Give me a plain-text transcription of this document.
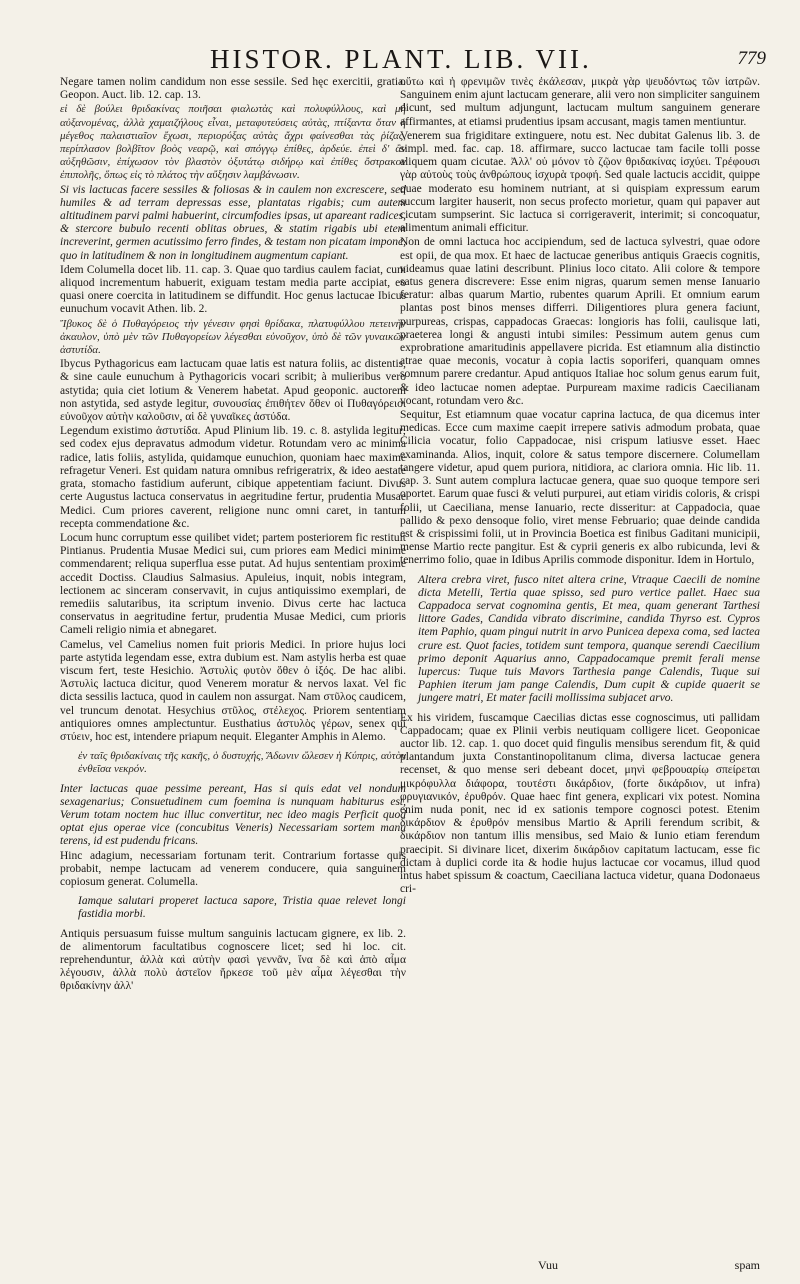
HISTOR. PLANT. LIB. VII.	779

Negare tamen nolim candidum non esse sessile. Sed hęc exercitii, gratia. Geopon. Auct. lib. 12. cap. 13.

εἰ δὲ βούλει θριδακίνας ποιῆσαι φιαλωτὰς καὶ πολυφύλλους, καὶ μὴ αὐξανομένας, ἀλλὰ χαμαιζήλους εἶναι, μεταφυτεύσεις αὐτὰς, πτίξαντα ὅταν ἡ μέγεθος παλαιστιαῖον ἔχωσι, περιορύξας αὐτὰς ἄχρι φαίνεσθαι τὰς ῥίζας, περίπλασον βολβῖτον βοὸς νεαρῷ, καὶ σπόγγῳ ἐπίθες, ἀρδεύε. ἐπεὶ δ' ἂν αὐξηθῶσιν, ἐπίχωσον τὸν βλαστὸν ὀξυτάτῳ σιδήρῳ καὶ ἐπίθες ὄστρακον ἐπιπολῆς, ὅπως εἰς τὸ πλάτος τὴν αὔξησιν λαμβάνωσιν.

Si vis lactucas facere sessiles & foliosas & in caulem non excrescere, sed humiles & ad terram depressas esse, plantatas rigabis; cum autem altitudinem parvi palmi habuerint, circumfodies ipsas, ut apareant radices, & stercore bubulo recenti oblitas obrues, & statim rigabis ubi etem increverint, germen acutissimo ferro findes, & testam non picatam impone, quo in latitudinem & non in longitudinem augmentum capiant.

Idem Columella docet lib. 11. cap. 3. Quae quo tardius caulem faciat, cum aliquod incrementum habuerit, exiguam testam media parte accipiat, eo quasi onere coercita in latitudinem se diffundit. Hoc genus lactucae Ibicus eunuchum vocavit Athen. lib. 2.

Ἴβυκος δὲ ὁ Πυθαγόρειος τὴν γένεσιν φησὶ θρίδακα, πλατυφύλλου πετεινὴν ἀκαυλον, ὑπὸ μὲν τῶν Πυθαγορείων λέγεσθαι εὐνοῦχον, ὑπὸ δὲ τῶν γυναικῶν ἀστυτίδα.

Ibycus Pythagoricus eam lactucam quae latis est natura foliis, ac distentis, & sine caule eunuchum à Pythagoricis vocari scribit; à mulieribus vero astytida; quia ciet lotium & Venerem habetat. Apud geoponic. auctorem non astytida, sed astyde legitur, συνουσίας ἐπιθήτεν ὅθεν οἱ Πυθαγόρειοι εὐνοῦχον αὐτὴν καλοῦσιν, αἱ δὲ γυναῖκες ἀστύδα.

Legendum existimo ἀστυτίδα. Apud Plinium lib. 19. c. 8. astylida legitur; sed codex ejus depravatus admodum videtur. Rotundam vero ac minima radice, latis foliis, astylida, quidamque eunuchion, quoniam haec maxime refragetur Veneri. Est quidam natura omnibus refrigeratrix, & ideo aestate grata, stomacho fastidium auferunt, cibique appetentiam faciunt. Divus certe Augustus lactuca conservatus in aegritudine fertur, prudentia Musae Medici. Cum priores caverent, religione nunc omni caret, in tantum recepta commendatione &c.

Locum hunc corruptum esse quilibet videt; partem posteriorem fic restituit Pintianus. Prudentia Musae Medici sui, cum priores eam Medici minime commendarent; reliqua superflua esse putat. Ad hujus sententiam proxime accedit Doctiss. Claudius Salmasius. Apuleius, inquit, nobis integram, lectionem ac sinceram conservavit, in cujus antiquissimo exemplari, de remediis salutaribus, ita scriptum invenio. Divus certe hac lactuca conservatus in aegritudine fertur, prudentia Musae Medici, cum prioris Cameli religio nimia et abnegaret.

Camelus, vel Camelius nomen fuit prioris Medici. In priore hujus loci parte astytida legendam esse, extra dubium est. Nam astylis herba est quae viscum fert, teste Hesichio. Ἀστυλὶς φυτὸν ὅθεν ὁ ἰξός. De hac alibi. Ἀστυλὶς lactuca dicitur, quod Venerem moratur & nervos laxat. Vel fic dicta sessilis lactuca, quod in caulem non assurgat. Nam στῦλος caudicem, vel truncum denotat. Hesychius στῦλος, στέλεχος. Priorem sententiam antiquiores omnes amplectuntur. Eusthatius ἀστυλὸς γέρων, senex qui στύειν, hoc est, intendere priapum nequit. Eleganter Amphis in Alemo.

ἐν ταῖς θριδακίναις τῆς κακῆς, ὁ δυστυχής, Ἄδωνιν ὤλεσεν ἡ Κύπρις, αὐτὸν ἐνθεῖσα νεκρόν.

Inter lactucas quae pessime pereant, Has si quis edat vel nondum sexagenarius; Consuetudinem cum foemina is nunquam habiturus est, Verum totam noctem huc illuc convertitur, nec ideo magis Perficit quod optat ejus operae vice (concubitus Veneris) Necessariam sortem manu terens, id est pudendu fricans.

Hinc adagium, necessariam fortunam terit. Contrarium fortasse quis probabit, nempe lactucam ad venerem conducere, quia sanguinem copiosum generat. Columella.

Iamque salutari properet lactuca sapore, Tristia quae relevet longi fastidia morbi.

Antiquis persuasum fuisse multum sanguinis lactucam gignere, ex lib. 2. de alimentorum facultatibus cognoscere licet; sed hi loc. cit. reprehenduntur, ἀλλὰ καὶ αὐτὴν φασὶ γεννᾶν, ἵνα δὲ καὶ ἀπὸ αἷμα λέγουσιν, ἀλλὰ πολὺ ἀστεῖον ἤρκεσε τοῦ μὲν αἷμα λέγεσθαι τὴν θριδακίνην ἀλλ'

οὕτω καὶ ἡ φρενιμῶν τινὲς ἐκάλεσαν, μικρὰ γὰρ ψευδόντως τῶν ἰατρῶν. Sanguinem enim ajunt lactucam generare, alii vero non simpliciter sanguinem dicunt, sed multum adjungunt, lactucam multum sanguinem generare affirmantes, at etiamsi prudentius ipsam accusant, magis tamen mentiuntur.

Venerem sua frigiditare extinguere, notu est. Nec dubitat Galenus lib. 3. de simpl. med. fac. cap. 18. affirmare, succo lactucae tam facile tolli posse aliquem quam cicutae. Ἀλλ' οὐ μόνον τὸ ζῷον θριδακίνας ἰσχύει. Τρέφουσι γὰρ αὐτοὺς τοὺς ἀνθρώπους ἰσχυρὰ τροφή. Sed quale lactucis accidit, quippe quae moderato esu hominem nutriant, at si quispiam expressum earum succum largiter hauserit, non secus profecto morietur, quam qui papaver aut cicutam sumpserint. Sic lactuca si corrigeraverit, interimit; si concoquatur, alimentum animali efficitur.

Non de omni lactuca hoc accipiendum, sed de lactuca sylvestri, quae odore est opii, de qua mox. Et haec de lactucae generibus antiquis Graecis cognitis, videamus quae latini describunt. Plinius loco citato. Alii colore & tempore satus genera discrevere: Esse enim nigras, quarum semen mense Ianuario feratur: albas quarum Martio, rubentes quarum Aprili. Et omnium earum plantas post binos menses differri. Diligentiores plura genera faciunt, purpureas, crispas, cappadocas Graecas: longioris has folii, caulisque lati, praeterea longi & angusti intubi similes: Pessimum autem genus cum exprobratione amaritudinis appellavere picrida. Est etiamnum alia distinctio atrae quae meconis, vocatur à copia lactis soporiferi, quanquam omnes somnum parere credantur. Apud antiquos Italiae hoc solum genus earum fuit, & ideo lactucae nomen adeptae. Purpuream maxime radicis Caecilianam vocant, rotundam vero &c.

Sequitur, Est etiamnum quae vocatur caprina lactuca, de qua dicemus inter medicas. Ecce cum maxime caepit irrepere sativis admodum probata, quae Cilicia vocatur, folio Cappadocae, nisi crispum latiusve esset. Haec examinanda. Alios, inquit, colore & satus tempore discernere. Columellam tangere videtur, apud quem puriora, nitidiora, ac clariora omnia. Hic lib. 11. cap. 3. Sunt autem complura lactucae genera, quae suo quoque tempore seri oportet. Earum quae fusci & veluti purpurei, aut etiam viridis coloris, & crispi folii, ut Caeciliana, mense Ianuario, recte disseritur: at Cappadocia, quae pallido & pexo densoque folio, viret mense Februario; quae deinde candida est & crispissimi folii, ut in Provincia Boetica est finibus Gaditani municipii, mense Martio recte pangitur. Est & cyprii generis ex albo rubicunda, levi & tenerrimo folio, quae in Idibus Aprilis commode disponitur. Idem in Hortulo,

Altera crebra viret, fusco nitet altera crine, Vtraque Caecili de nomine dicta Metelli, Tertia quae spisso, sed puro vertice pallet. Haec sua Cappadoca servat cognomina gentis, Et mea, quam generant Tarthesi littore Gades, Candida vibrato discrimine, candida Thyrso est. Cypros item Paphio, quam pingui nutrit in arvo Punicea depexa coma, sed lactea crure est. Quot facies, totidem sunt tempora, quanque serendi Caecilium primo deponit Aquarius anno, Cappadocamque premit ferali mense lupercus: Tuque tuis Mavors Tarthesia pange Calendis, Tuque sui Paphien iterum jam pange Calendis, Dum cupit & cupide quaerit se jungere matri, Et mater facili mollissima subjacet arvo.

Ex his viridem, fuscamque Caecilias dictas esse cognoscimus, uti pallidam Cappadocam; quae ex Plinii verbis neutiquam colligere licet. Geoponicae auctor lib. 12. cap. 1. quo docet quid fingulis mensibus serendum fit, & quid plantandum juxta Constantinopolitanum clima, diversa lactucae genera recenset, & quo mense seri debeant docet, μηνὶ φεβρουαρίῳ σπείρεται μικρόφυλλα διάφορα, τουτέστι δικάρδιον, (forte δικάρδιον, ut infra) φρυγιανικόν, ἐρυθρόν. Quae haec fint genera, explicari vix potest. Nomina enim nuda ponit, nec id ex sationis tempore cognosci potest. Etenim δικάρδιον & ἐρυθρόν mensibus Martio & Aprili ferendum scribit, & δικάρδιον non tantum illis mensibus, sed Maio & Iunio etiam ferendum praecipit. Si divinare licet, dixerim δικάρδιον capitatum lactucam, esse fic dictam à duplici corde ita & hodie hujus lactucae cor vocamus, illud quod intus habet spissum & coactum, Caeciliana lactuca videtur, quana Dodonaeus cri-

Vuu	spam
